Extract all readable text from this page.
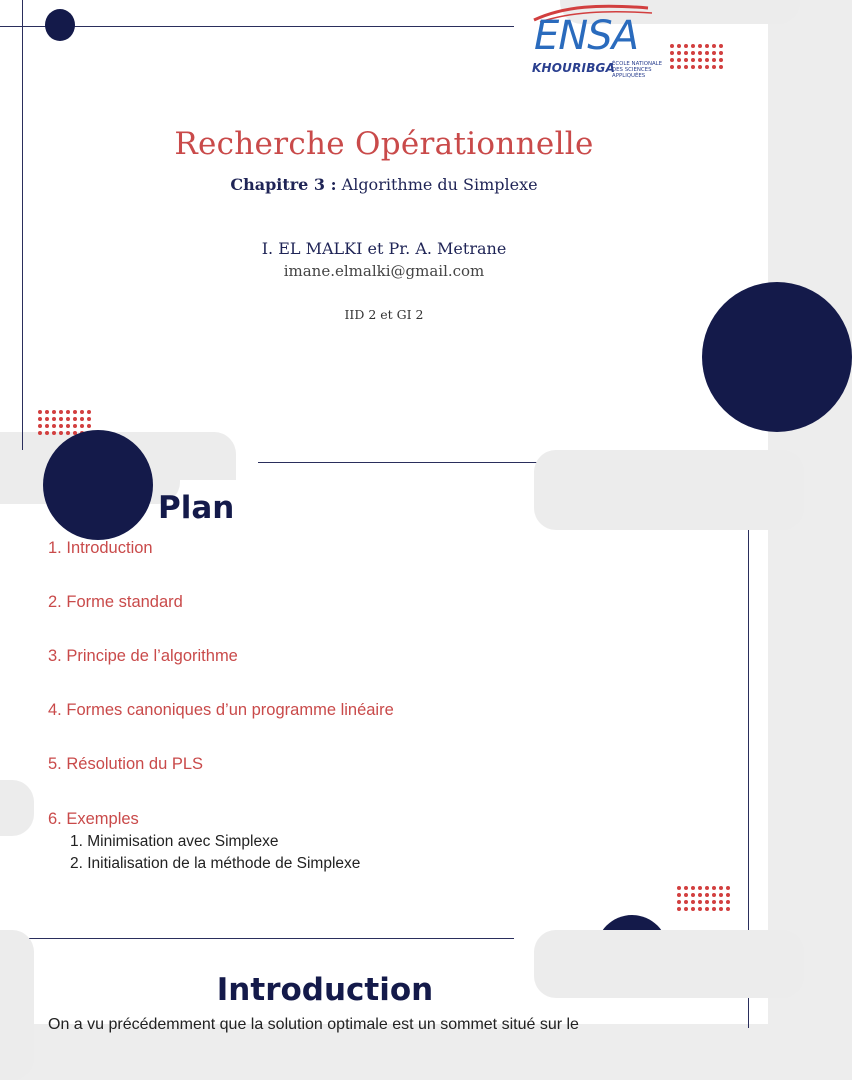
ENSA
KHOURIBGA
ÉCOLE NATIONALE DES SCIENCES APPLIQUÉES
Recherche Opérationnelle
Chapitre 3 : Algorithme du Simplexe
I. EL MALKI et Pr. A. Metrane
imane.elmalki@gmail.com
IID 2 et GI 2
Plan
1. Introduction
2. Forme standard
3. Principe de l’algorithme
4. Formes canoniques d’un programme linéaire
5. Résolution du PLS
6. Exemples
1. Minimisation avec Simplexe
2. Initialisation de la méthode de Simplexe
Introduction
On a vu précédemment que la solution optimale est un sommet situé sur le
